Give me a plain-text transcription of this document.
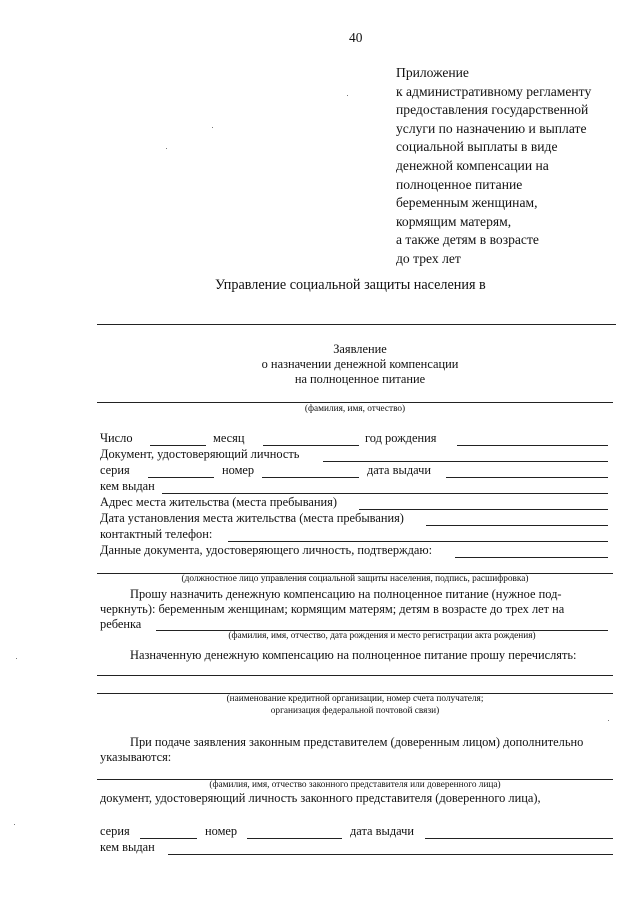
40
Приложение
к административному регламенту
предоставления государственной
услуги по назначению и выплате
социальной выплаты в виде
денежной компенсации на
полноценное питание
беременным женщинам,
кормящим матерям,
а также детям в возрасте
до трех лет
Управление социальной защиты населения в
Заявление
о назначении денежной компенсации
на полноценное питание
(фамилия, имя, отчество)
Число	месяц	год рождения
Документ, удостоверяющий личность
серия	номер	дата выдачи
кем выдан
Адрес места жительства (места пребывания)
Дата установления места жительства (места пребывания)
контактный телефон:
Данные документа, удостоверяющего личность, подтверждаю:
(должностное лицо управления социальной защиты населения, подпись, расшифровка)
Прошу назначить денежную компенсацию на полноценное питание (нужное под-
черкнуть): беременным женщинам; кормящим матерям; детям в возрасте до трех лет на
ребенка
(фамилия, имя, отчество, дата рождения и место регистрации акта рождения)
Назначенную денежную компенсацию на полноценное питание прошу перечислять:
(наименование кредитной организации, номер счета получателя;
организация федеральной почтовой связи)
При подаче заявления законным представителем (доверенным лицом) дополнительно
указываются:
(фамилия, имя, отчество законного представителя или доверенного лица)
документ, удостоверяющий личность законного представителя (доверенного лица),
серия	номер	дата выдачи
кем выдан
